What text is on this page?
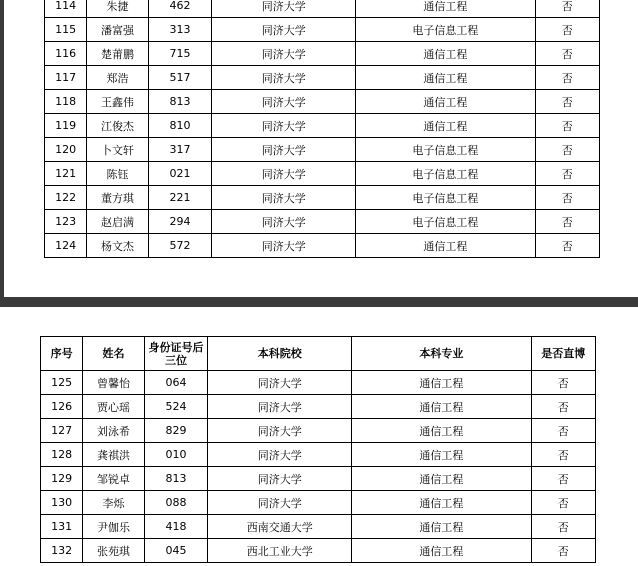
114	朱捷	462	同济大学	通信工程	否
115	潘富强	313	同济大学	电子信息工程	否
116	楚莆鹏	715	同济大学	通信工程	否
117	郑浩	517	同济大学	通信工程	否
118	王鑫伟	813	同济大学	通信工程	否
119	江俊杰	810	同济大学	通信工程	否
120	卜文轩	317	同济大学	电子信息工程	否
121	陈钰	021	同济大学	电子信息工程	否
122	董方琪	221	同济大学	电子信息工程	否
123	赵启满	294	同济大学	电子信息工程	否
124	杨文杰	572	同济大学	通信工程	否
序号	姓名	身份证号后三位	本科院校	本科专业	是否直博
125	曾馨怡	064	同济大学	通信工程	否
126	贾心瑶	524	同济大学	通信工程	否
127	刘泳希	829	同济大学	通信工程	否
128	龚祺洪	010	同济大学	通信工程	否
129	邹锐卓	813	同济大学	通信工程	否
130	李烁	088	同济大学	通信工程	否
131	尹伽乐	418	西南交通大学	通信工程	否
132	张苑琪	045	西北工业大学	通信工程	否
